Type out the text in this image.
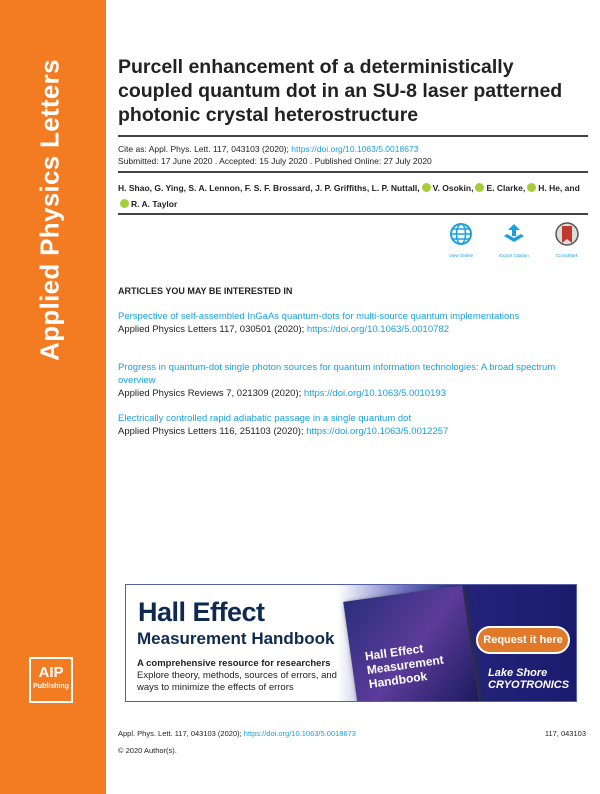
Applied Physics Letters
AIP
Publishing
Purcell enhancement of a deterministically coupled quantum dot in an SU-8 laser patterned photonic crystal heterostructure
Cite as: Appl. Phys. Lett. 117, 043103 (2020); https://doi.org/10.1063/5.0018673
Submitted: 17 June 2020 . Accepted: 15 July 2020 . Published Online: 27 July 2020
H. Shao, G. Ying, S. A. Lennon, F. S. F. Brossard, J. P. Griffiths, L. P. Nuttall, V. Osokin, E. Clarke, H. He, and
R. A. Taylor
View Online	Export Citation	CrossMark
ARTICLES YOU MAY BE INTERESTED IN
Perspective of self-assembled InGaAs quantum-dots for multi-source quantum implementations
Applied Physics Letters 117, 030501 (2020); https://doi.org/10.1063/5.0010782
Progress in quantum-dot single photon sources for quantum information technologies: A broad spectrum overview
Applied Physics Reviews 7, 021309 (2020); https://doi.org/10.1063/5.0010193
Electrically controlled rapid adiabatic passage in a single quantum dot
Applied Physics Letters 116, 251103 (2020); https://doi.org/10.1063/5.0012257
Hall Effect Measurement Handbook
Hall Effect
Measurement Handbook
A comprehensive resource for researchers
Explore theory, methods, sources of errors, and ways to minimize the effects of errors
Request it here
Lake Shore CRYOTRONICS
Appl. Phys. Lett. 117, 043103 (2020); https://doi.org/10.1063/5.0018673	117, 043103
© 2020 Author(s).
